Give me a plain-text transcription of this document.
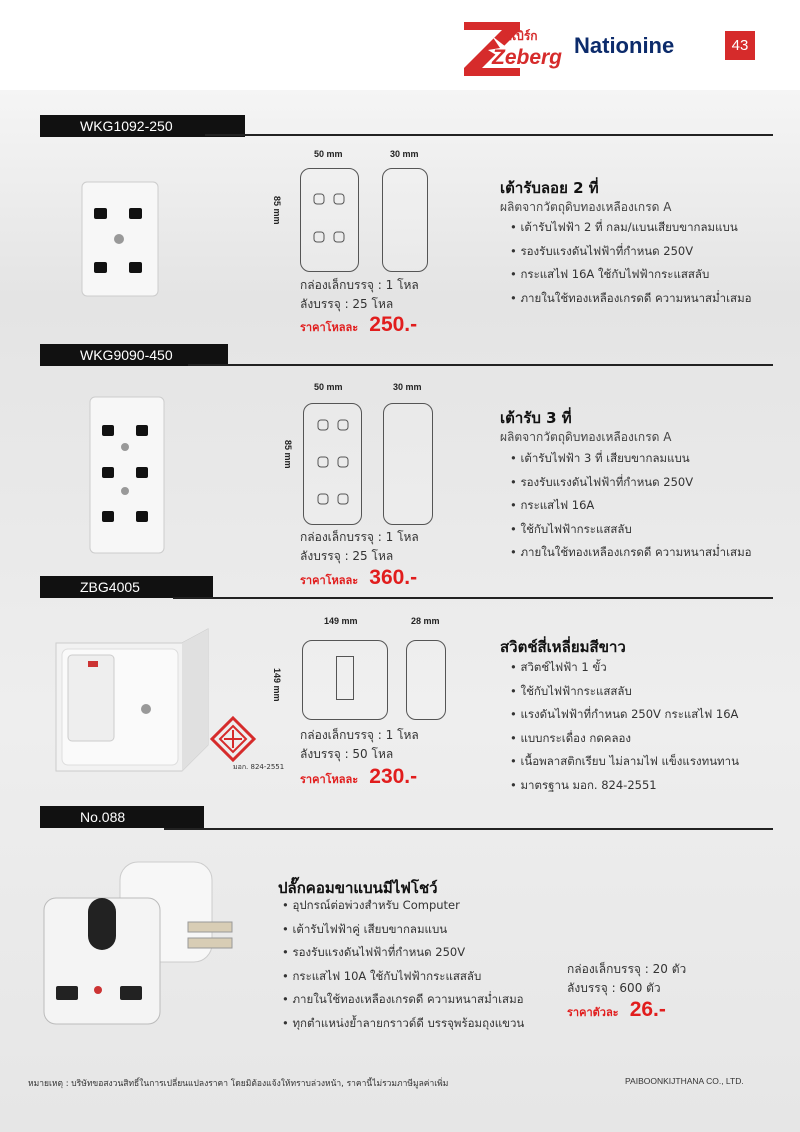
ซีเบิร์ก
Zeberg Nationine	43
WKG1092-250
50 mm	30 mm
85 mm
เต้ารับลอย 2 ที่
ผลิตจากวัตถุดิบทองเหลืองเกรด A
• เต้ารับไฟฟ้า 2 ที่ กลม/แบนเสียบขากลมแบน
• รองรับแรงดันไฟฟ้าที่กำหนด 250V
• กระแสไฟ 16A ใช้กับไฟฟ้ากระแสสลับ
• ภายในใช้ทองเหลืองเกรดดี ความหนาสม่ำเสมอ
กล่องเล็กบรรจุ : 1 โหล
ลังบรรจุ : 25 โหล
ราคาโหลละ 250.-
WKG9090-450
50 mm	30 mm
85 mm
เต้ารับ 3 ที่
ผลิตจากวัตถุดิบทองเหลืองเกรด A
• เต้ารับไฟฟ้า 3 ที่ เสียบขากลมแบน
• รองรับแรงดันไฟฟ้าที่กำหนด 250V
• กระแสไฟ 16A
• ใช้กับไฟฟ้ากระแสสลับ
• ภายในใช้ทองเหลืองเกรดดี ความหนาสม่ำเสมอ
กล่องเล็กบรรจุ : 1 โหล
ลังบรรจุ : 25 โหล
ราคาโหลละ 360.-
ZBG4005
มอก. 824-2551
149 mm	28 mm
149 mm
สวิตช์สี่เหลี่ยมสีขาว
• สวิตช์ไฟฟ้า 1 ขั้ว
• ใช้กับไฟฟ้ากระแสสลับ
• แรงดันไฟฟ้าที่กำหนด 250V กระแสไฟ 16A
• แบบกระเดื่อง กดคลอง
• เนื้อพลาสติกเรียบ ไม่ลามไฟ แข็งแรงทนทาน
• มาตรฐาน มอก. 824-2551
กล่องเล็กบรรจุ : 1 โหล
ลังบรรจุ : 50 โหล
ราคาโหลละ 230.-
No.088
ปลั๊กคอมขาแบนมีไฟโชว์
• อุปกรณ์ต่อพ่วงสำหรับ Computer
• เต้ารับไฟฟ้าคู่ เสียบขากลมแบน
• รองรับแรงดันไฟฟ้าที่กำหนด 250V
• กระแสไฟ 10A ใช้กับไฟฟ้ากระแสสลับ
• ภายในใช้ทองเหลืองเกรดดี ความหนาสม่ำเสมอ
• ทุกตำแหน่งย้ำลายกราวด์ดี บรรจุพร้อมถุงแขวน
กล่องเล็กบรรจุ : 20 ตัว
ลังบรรจุ : 600 ตัว
ราคาตัวละ 26.-
หมายเหตุ : บริษัทขอสงวนสิทธิ์ในการเปลี่ยนแปลงราคา โดยมิต้องแจ้งให้ทราบล่วงหน้า, ราคานี้ไม่รวมภาษีมูลค่าเพิ่ม	PAIBOONKIJTHANA CO., LTD.
